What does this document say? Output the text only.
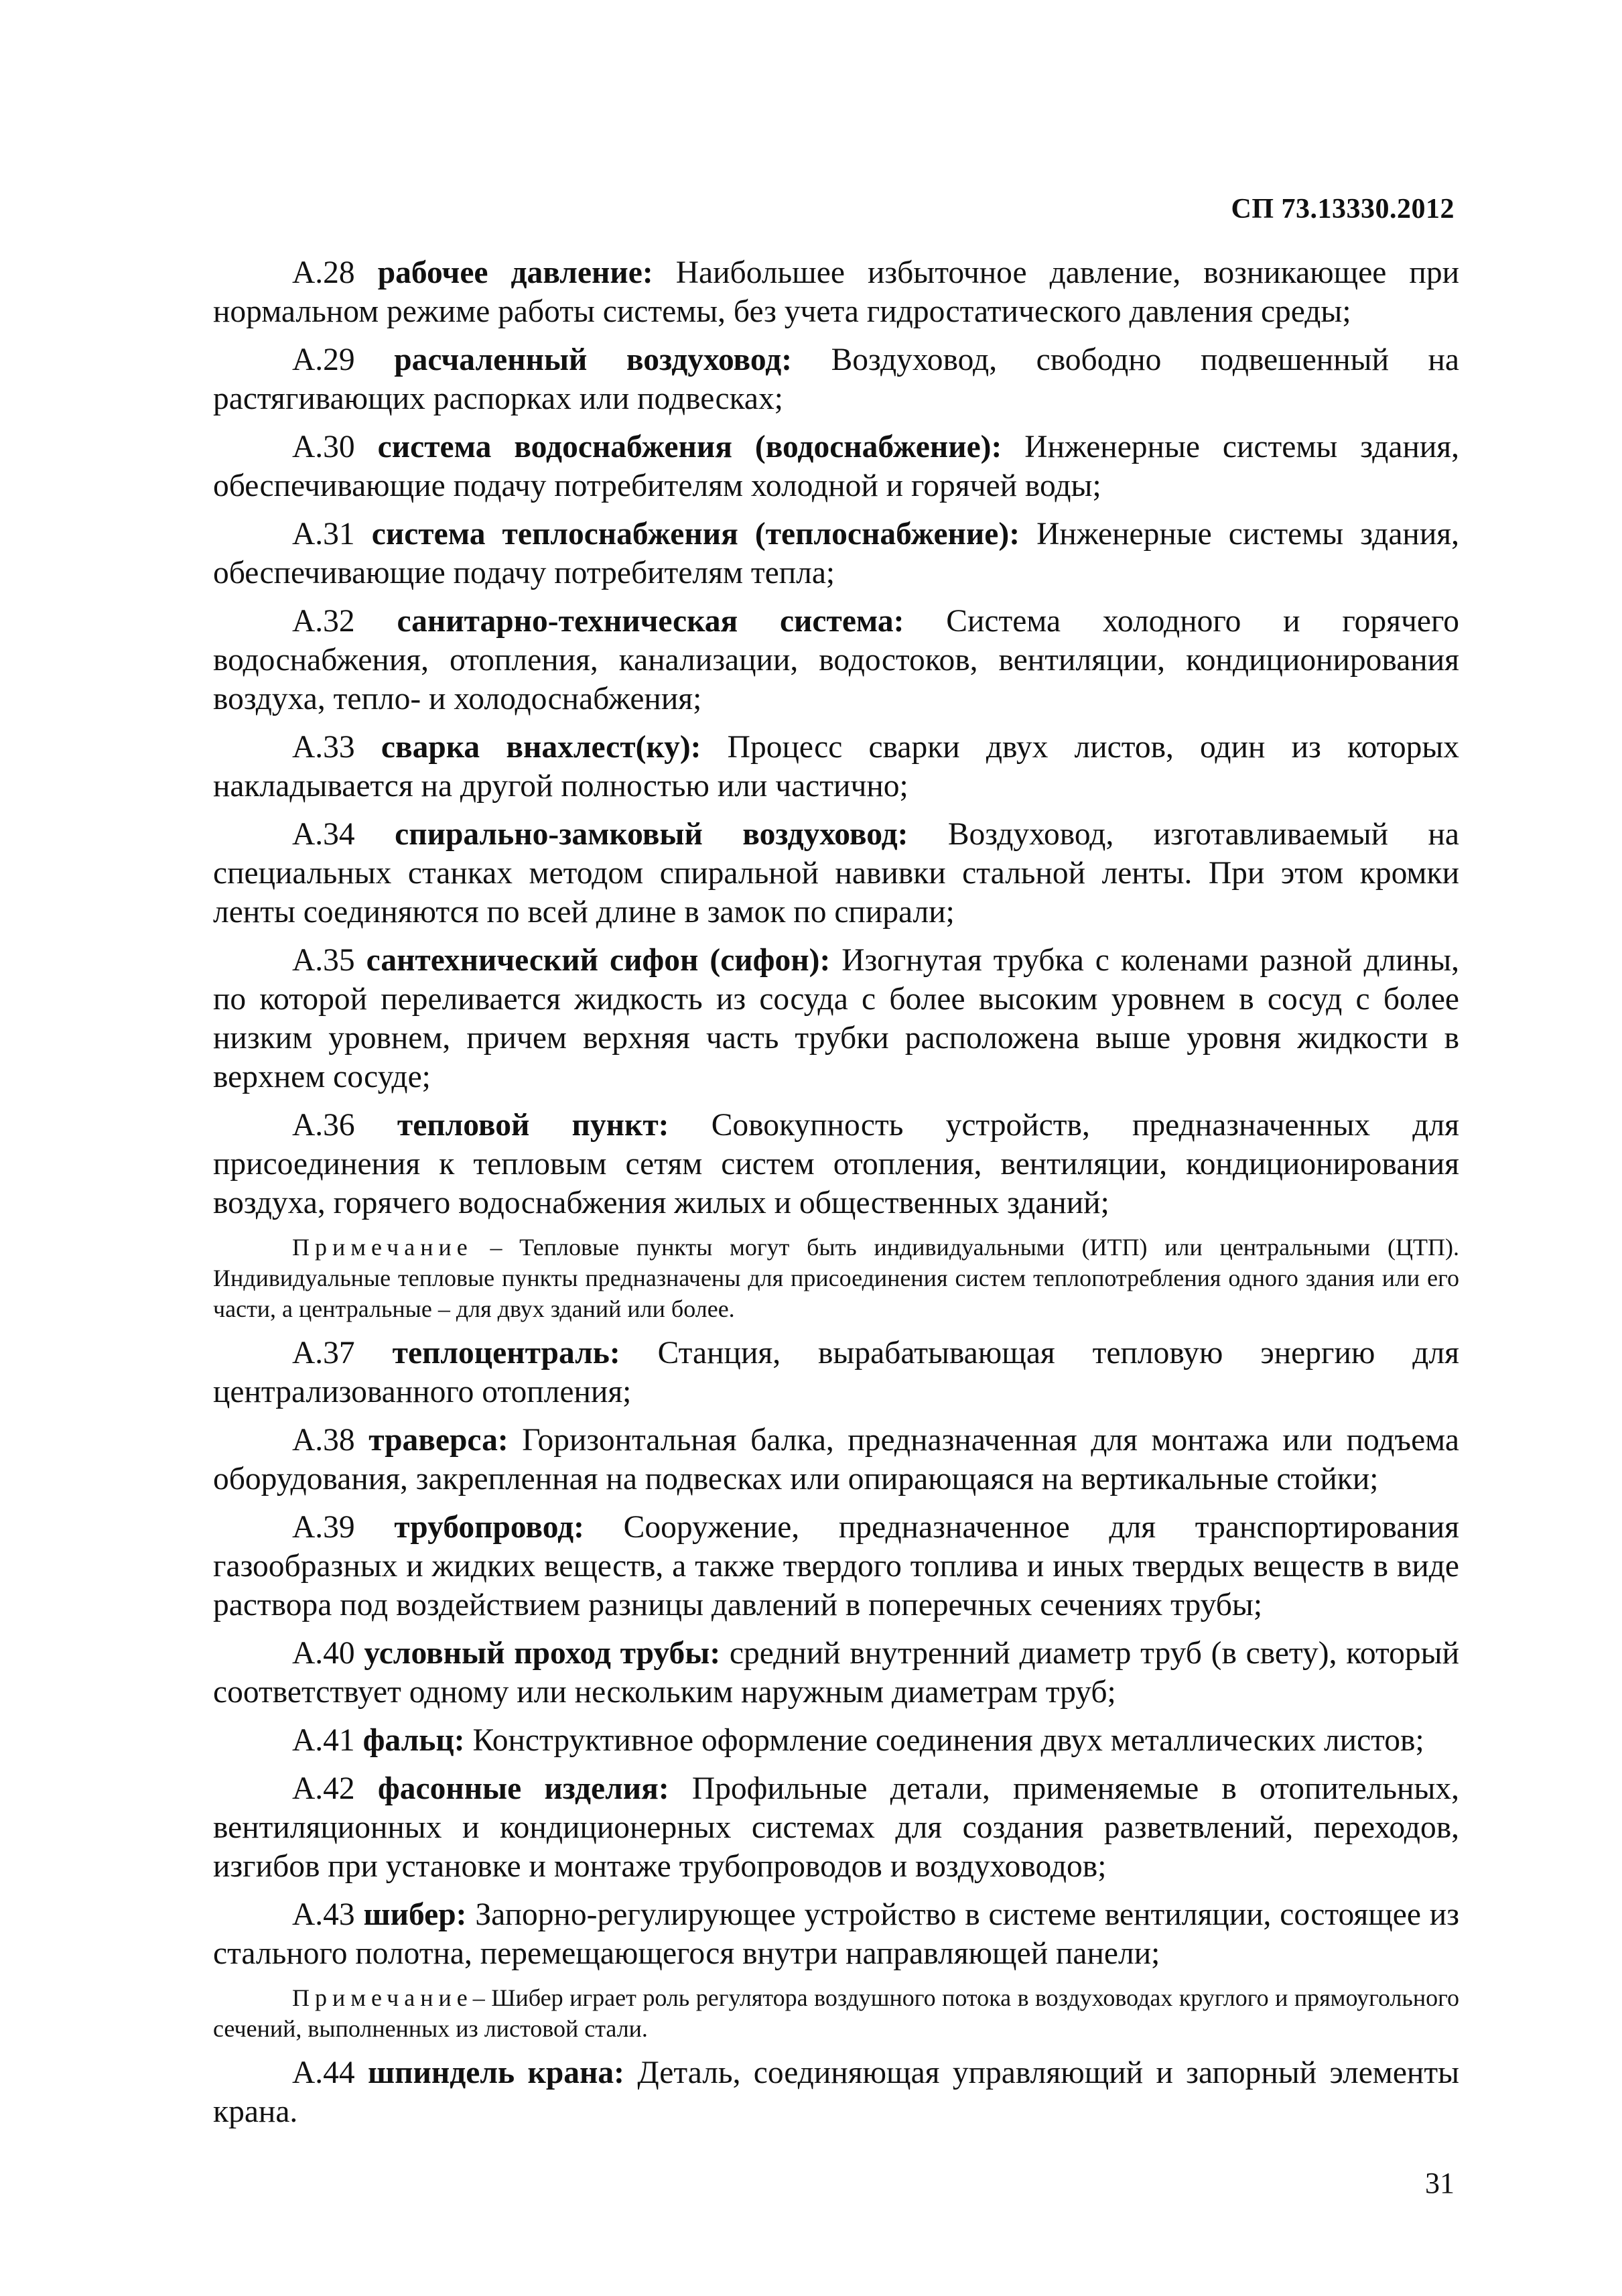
СП 73.13330.2012

А.28 рабочее давление: Наибольшее избыточное давление, возникающее при нормальном режиме работы системы, без учета гидростатического давления среды;

А.29 расчаленный воздуховод: Воздуховод, свободно подвешенный на растягивающих распорках или подвесках;

А.30 система водоснабжения (водоснабжение): Инженерные системы здания, обеспечивающие подачу потребителям холодной и горячей воды;

А.31 система теплоснабжения (теплоснабжение): Инженерные системы здания, обеспечивающие подачу потребителям тепла;

А.32 санитарно-техническая система: Система холодного и горячего водоснабжения, отопления, канализации, водостоков, вентиляции, кондиционирования воздуха, тепло- и холодоснабжения;

А.33 сварка внахлест(ку): Процесс сварки двух листов, один из которых накладывается на другой полностью или частично;

А.34 спирально-замковый воздуховод: Воздуховод, изготавливаемый на специальных станках методом спиральной навивки стальной ленты. При этом кромки ленты соединяются по всей длине в замок по спирали;

А.35 сантехнический сифон (сифон): Изогнутая трубка с коленами разной длины, по которой переливается жидкость из сосуда с более высоким уровнем в сосуд с более низким уровнем, причем верхняя часть трубки расположена выше уровня жидкости в верхнем сосуде;

А.36 тепловой пункт: Совокупность устройств, предназначенных для присоединения к тепловым сетям систем отопления, вентиляции, кондиционирования воздуха, горячего водоснабжения жилых и общественных зданий;

Примечание – Тепловые пункты могут быть индивидуальными (ИТП) или центральными (ЦТП). Индивидуальные тепловые пункты предназначены для присоединения систем теплопотребления одного здания или его части, а центральные – для двух зданий или более.

А.37 теплоцентраль: Станция, вырабатывающая тепловую энергию для централизованного отопления;

А.38 траверса: Горизонтальная балка, предназначенная для монтажа или подъема оборудования, закрепленная на подвесках или опирающаяся на вертикальные стойки;

А.39 трубопровод: Сооружение, предназначенное для транспортирования газообразных и жидких веществ, а также твердого топлива и иных твердых веществ в виде раствора под воздействием разницы давлений в поперечных сечениях трубы;

А.40 условный проход трубы: средний внутренний диаметр труб (в свету), который соответствует одному или нескольким наружным диаметрам труб;

А.41 фальц: Конструктивное оформление соединения двух металлических листов;

А.42 фасонные изделия: Профильные детали, применяемые в отопительных, вентиляционных и кондиционерных системах для создания разветвлений, переходов, изгибов при установке и монтаже трубопроводов и воздуховодов;

А.43 шибер: Запорно-регулирующее устройство в системе вентиляции, состоящее из стального полотна, перемещающегося внутри направляющей панели;

Примечание– Шибер играет роль регулятора воздушного потока в воздуховодах круглого и прямоугольного сечений, выполненных из листовой стали.

А.44 шпиндель крана: Деталь, соединяющая управляющий и запорный элементы крана.

31
